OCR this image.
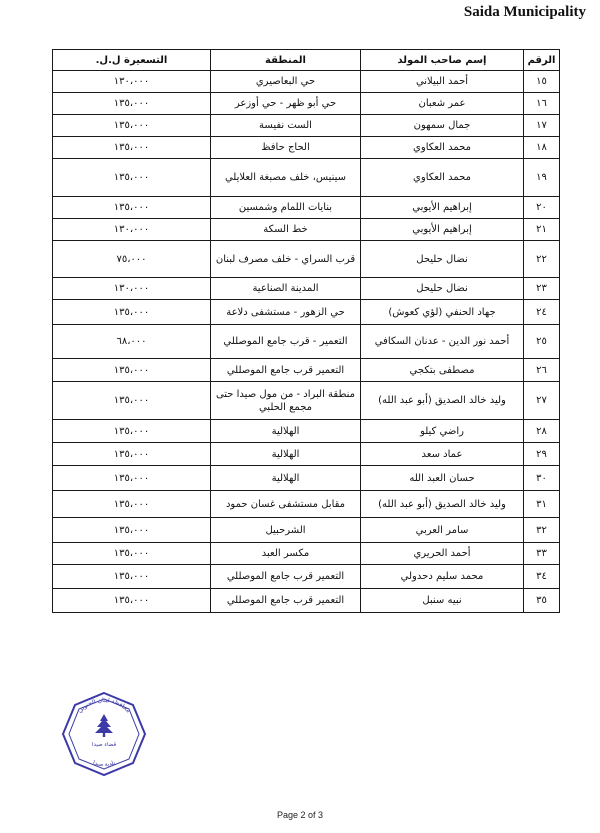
Saida Municipality
الرقم	إسم صاحب المولد	المنطقة	التسعيرة ل.ل.
١٥	أحمد البيلاني	حي البعاصيري	١٣٠،٠٠٠
١٦	عمر شعبان	حي أبو ظهر - حي أوزعر	١٣٥،٠٠٠
١٧	جمال سمهون	الست نفيسة	١٣٥،٠٠٠
١٨	محمد العكاوي	الحاج حافظ	١٣٥،٠٠٠
١٩	محمد العكاوي	سينيس، خلف مصبغة العلايلي	١٣٥،٠٠٠
٢٠	إبراهيم الأيوبي	بنايات اللمام وشمسين	١٣٥،٠٠٠
٢١	إبراهيم الأيوبي	خط السكة	١٣٠،٠٠٠
٢٢	نضال حليحل	قرب السراي - خلف مصرف لبنان	٧٥،٠٠٠
٢٣	نضال حليحل	المدينة الصناعية	١٣٠،٠٠٠
٢٤	جهاد الحنفي (لؤي كعوش)	حي الزهور - مستشفى دلاعة	١٣٥،٠٠٠
٢٥	أحمد نور الدين - عدنان السكافي	التعمير - قرب جامع الموصللي	٦٨،٠٠٠
٢٦	مصطفى بتكجي	التعمير قرب جامع الموصللي	١٣٥،٠٠٠
٢٧	وليد خالد الصديق (أبو عبد الله)	منطقة البراد - من مول صيدا حتى مجمع الحلبي	١٣٥،٠٠٠
٢٨	راضي كيلو	الهلالية	١٣٥،٠٠٠
٢٩	عماد سعد	الهلالية	١٣٥،٠٠٠
٣٠	حسان العبد الله	الهلالية	١٣٥،٠٠٠
٣١	وليد خالد الصديق (أبو عبد الله)	مقابل مستشفى غسان حمود	١٣٥،٠٠٠
٣٢	سامر العربي	الشرحبيل	١٣٥،٠٠٠
٣٣	أحمد الحريري	مكسر العبد	١٣٥،٠٠٠
٣٤	محمد سليم دحدولي	التعمير قرب جامع الموصللي	١٣٥،٠٠٠
٣٥	نبيه سنبل	التعمير قرب جامع الموصللي	١٣٥،٠٠٠
محافظة لبنان الجنوبي
بلدية صيدا
قضاء صيدا
Page 2 of 3
